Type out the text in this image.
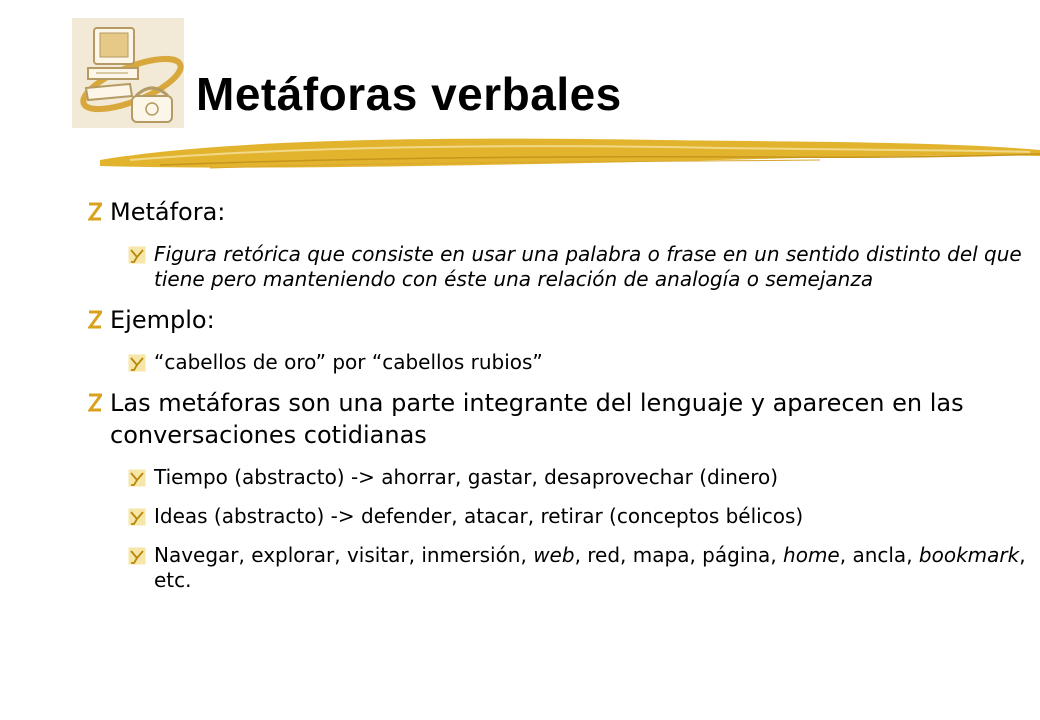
Metáforas verbales
Metáfora:
Figura retórica que consiste en usar una palabra o frase en un sentido distinto del que tiene pero manteniendo con éste una relación de analogía o semejanza
Ejemplo:
“cabellos de oro” por “cabellos rubios”
Las metáforas son una parte integrante del lenguaje y aparecen en las conversaciones cotidianas
Tiempo (abstracto) -> ahorrar, gastar, desaprovechar (dinero)
Ideas (abstracto) -> defender, atacar, retirar (conceptos bélicos)
Navegar, explorar, visitar, inmersión, web, red, mapa, página, home, ancla, bookmark, etc.
